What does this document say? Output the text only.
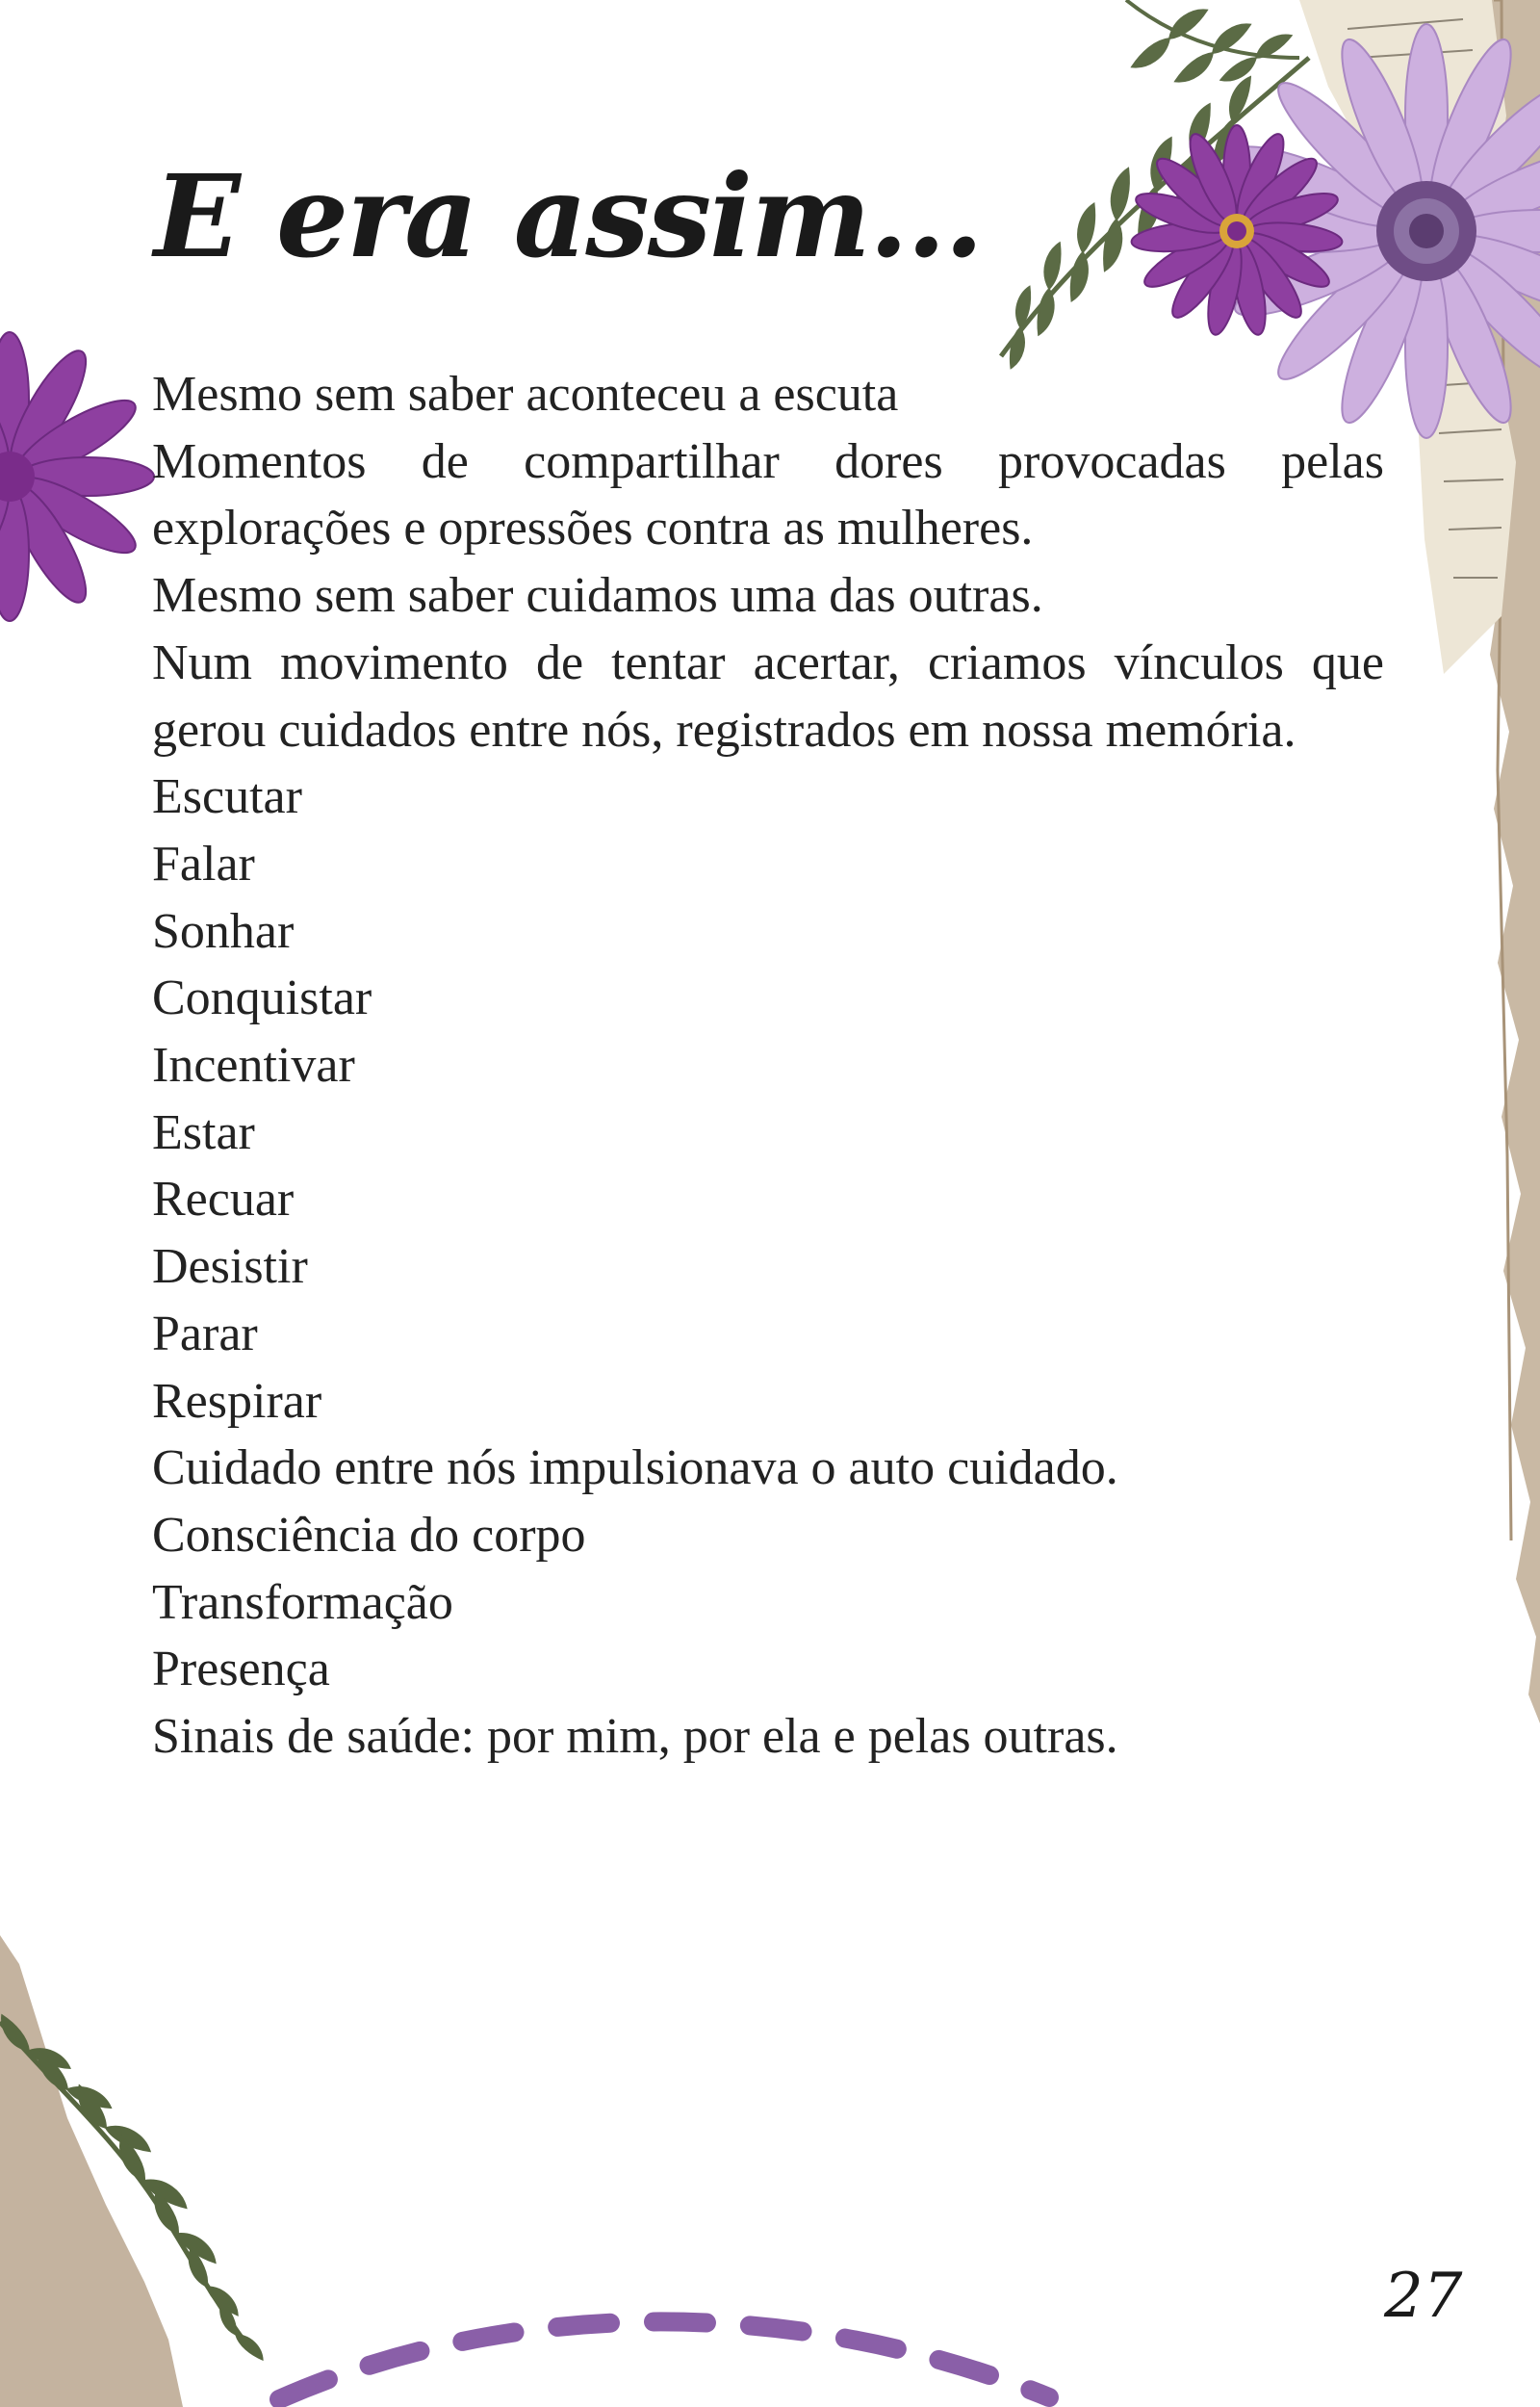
E era assim...

Mesmo sem saber aconteceu a escuta

Momentos de compartilhar dores provocadas pelas explorações e opressões contra as mulheres.

Mesmo sem saber cuidamos uma das outras.

Num movimento de tentar acertar, criamos vínculos que gerou cuidados entre nós, registrados em nossa memória.

Escutar
Falar
Sonhar
Conquistar
Incentivar
Estar
Recuar
Desistir
Parar
Respirar
Cuidado entre nós impulsionava o auto cuidado.
Consciência do corpo
Transformação
Presença
Sinais de saúde: por mim, por ela e pelas outras.
27
